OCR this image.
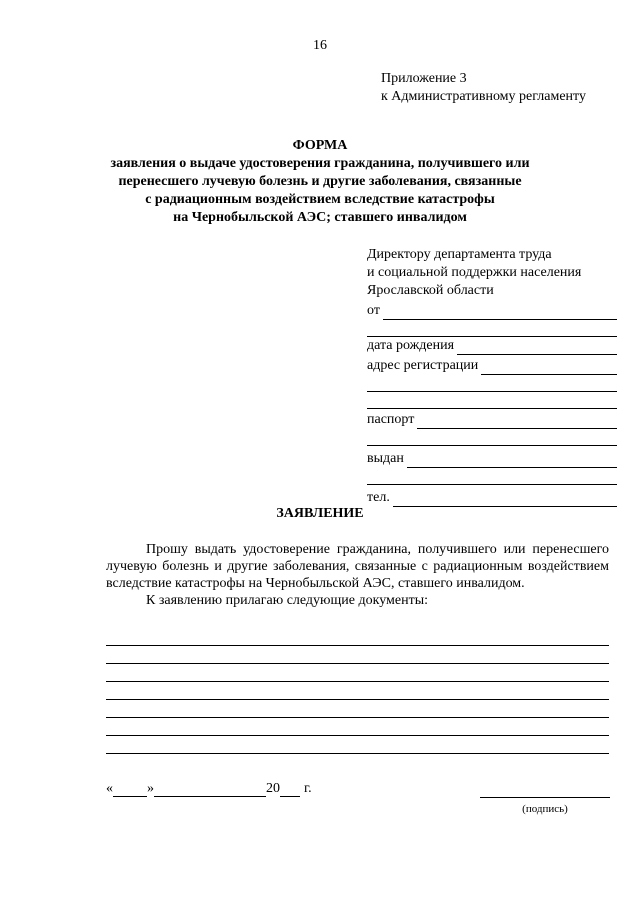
16
Приложение 3
к Административному регламенту
ФОРМА
заявления о выдаче удостоверения гражданина, получившего или
перенесшего лучевую болезнь и другие заболевания, связанные
с радиационным воздействием вследствие катастрофы
на Чернобыльской АЭС; ставшего инвалидом
Директору департамента труда
и социальной поддержки населения
Ярославской области
от
дата рождения
адрес регистрации
паспорт
выдан
тел.
ЗАЯВЛЕНИЕ

Прошу выдать удостоверение гражданина, получившего или перенесшего лучевую болезнь и другие заболевания, связанные с радиационным воздействием вследствие катастрофы на Чернобыльской АЭС, ставшего инвалидом.

К заявлению прилагаю следующие документы:

« »	20 г.
(подпись)
